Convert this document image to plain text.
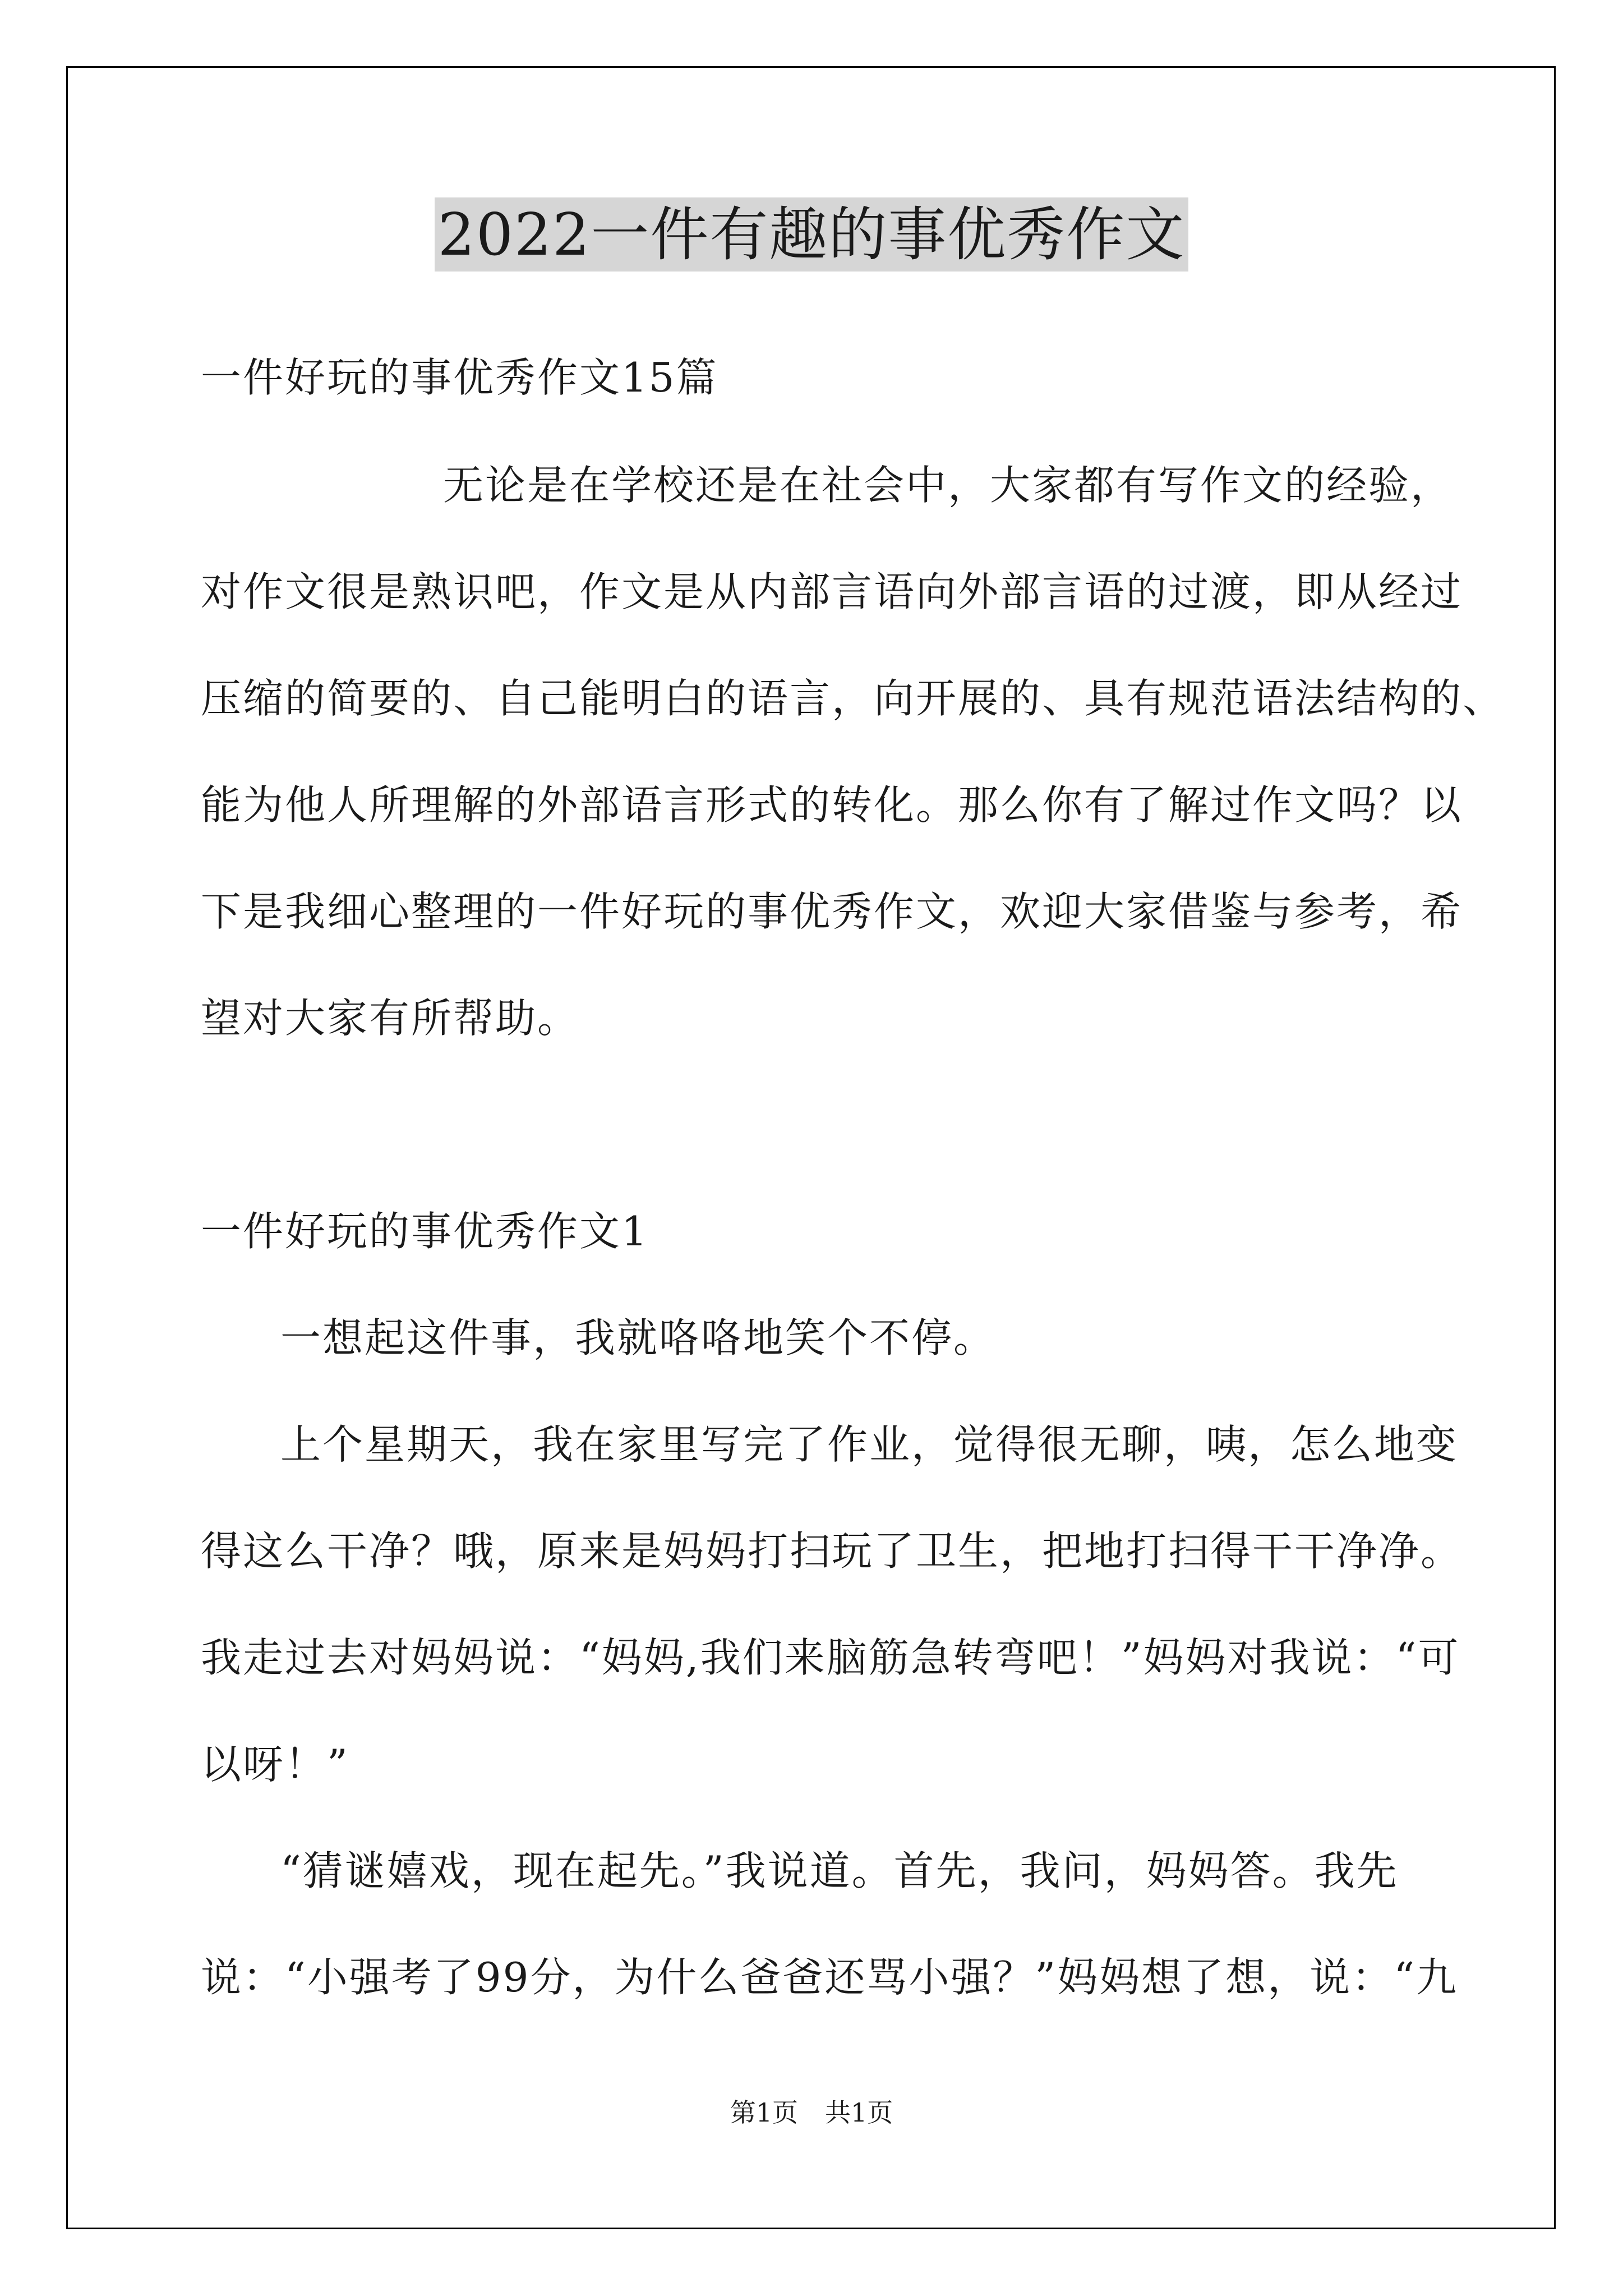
2022一件有趣的事优秀作文
一件好玩的事优秀作文15篇
无论是在学校还是在社会中，大家都有写作文的经验，
对作文很是熟识吧，作文是从内部言语向外部言语的过渡，即从经过
压缩的简要的、自己能明白的语言，向开展的、具有规范语法结构的、
能为他人所理解的外部语言形式的转化。那么你有了解过作文吗？以
下是我细心整理的一件好玩的事优秀作文，欢迎大家借鉴与参考，希
望对大家有所帮助。
一件好玩的事优秀作文1
一想起这件事，我就咯咯地笑个不停。
上个星期天，我在家里写完了作业，觉得很无聊，咦，怎么地变
得这么干净？哦，原来是妈妈打扫玩了卫生，把地打扫得干干净净。
我走过去对妈妈说：“妈妈,我们来脑筋急转弯吧！”妈妈对我说：“可
以呀！”
“猜谜嬉戏，现在起先。”我说道。首先，我问，妈妈答。我先
说：“小强考了99分，为什么爸爸还骂小强？”妈妈想了想，说：“九
第1页 共1页
